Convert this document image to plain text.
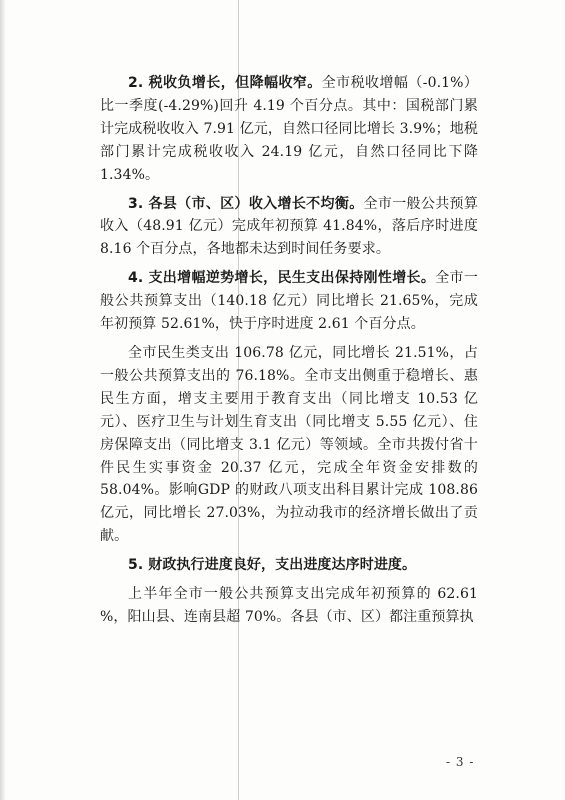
2. 税收负增长，但降幅收窄。全市税收增幅（-0.1%）比一季度(-4.29%)回升 4.19 个百分点。其中：国税部门累计完成税收收入 7.91 亿元，自然口径同比增长 3.9%；地税部门累计完成税收收入 24.19 亿元，自然口径同比下降 1.34%。

3. 各县（市、区）收入增长不均衡。全市一般公共预算收入（48.91 亿元）完成年初预算 41.84%，落后序时进度 8.16 个百分点，各地都未达到时间任务要求。

4. 支出增幅逆势增长，民生支出保持刚性增长。全市一般公共预算支出（140.18 亿元）同比增长 21.65%，完成年初预算 52.61%，快于序时进度 2.61 个百分点。

全市民生类支出 106.78 亿元，同比增长 21.51%，占一般公共预算支出的 76.18%。全市支出侧重于稳增长、惠民生方面，增支主要用于教育支出（同比增支 10.53 亿元）、医疗卫生与计划生育支出（同比增支 5.55 亿元）、住房保障支出（同比增支 3.1 亿元）等领域。全市共拨付省十件民生实事资金 20.37 亿元，完成全年资金安排数的 58.04%。影响GDP 的财政八项支出科目累计完成 108.86 亿元，同比增长 27.03%，为拉动我市的经济增长做出了贡献。

5. 财政执行进度良好，支出进度达序时进度。

上半年全市一般公共预算支出完成年初预算的 62.61 %，阳山县、连南县超 70%。各县（市、区）都注重预算执

- 3 -
